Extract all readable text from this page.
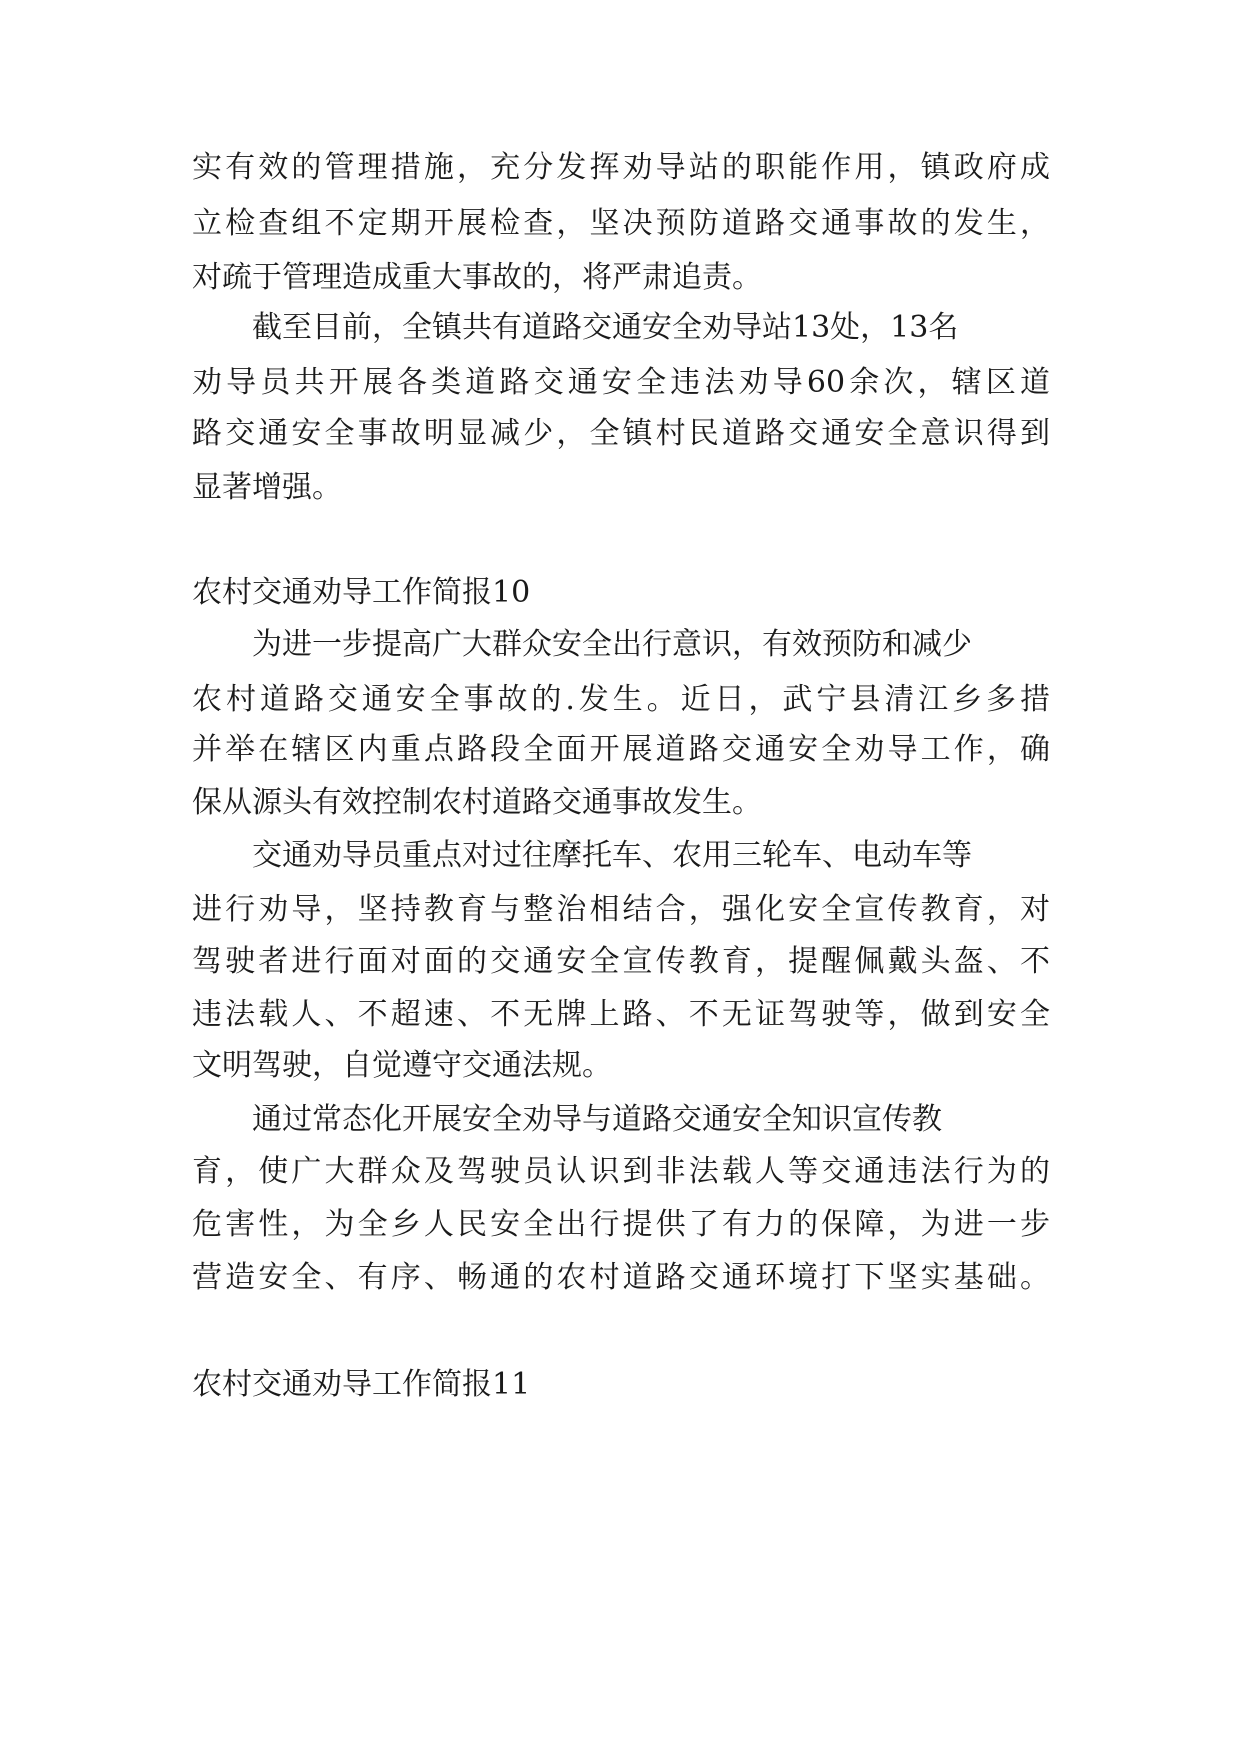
实有效的管理措施，充分发挥劝导站的职能作用，镇政府成
立检查组不定期开展检查，坚决预防道路交通事故的发生，
对疏于管理造成重大事故的，将严肃追责。
　　截至目前，全镇共有道路交通安全劝导站13处，13名
劝导员共开展各类道路交通安全违法劝导60余次，辖区道
路交通安全事故明显减少，全镇村民道路交通安全意识得到
显著增强。
农村交通劝导工作简报10
　　为进一步提高广大群众安全出行意识，有效预防和减少
农村道路交通安全事故的.发生。近日，武宁县清江乡多措
并举在辖区内重点路段全面开展道路交通安全劝导工作，确
保从源头有效控制农村道路交通事故发生。
　　交通劝导员重点对过往摩托车、农用三轮车、电动车等
进行劝导，坚持教育与整治相结合，强化安全宣传教育，对
驾驶者进行面对面的交通安全宣传教育，提醒佩戴头盔、不
违法载人、不超速、不无牌上路、不无证驾驶等，做到安全
文明驾驶，自觉遵守交通法规。
　　通过常态化开展安全劝导与道路交通安全知识宣传教
育，使广大群众及驾驶员认识到非法载人等交通违法行为的
危害性，为全乡人民安全出行提供了有力的保障，为进一步
营造安全、有序、畅通的农村道路交通环境打下坚实基础。
农村交通劝导工作简报11
